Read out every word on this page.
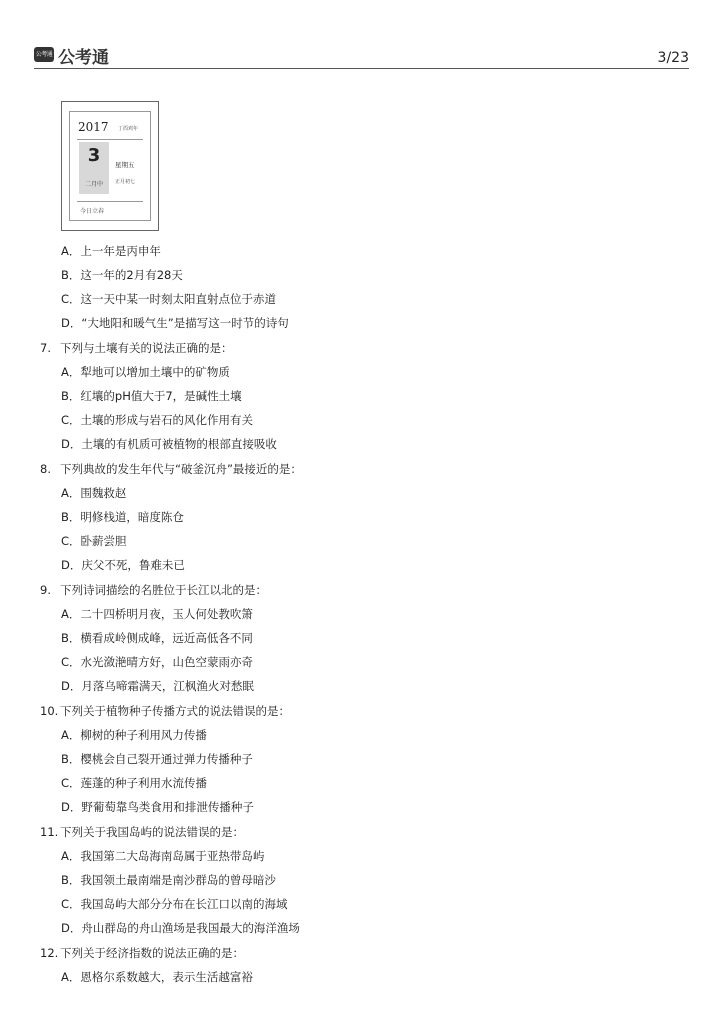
公考通 公考通	3/23
2017 丁酉鸡年
3
二月中
星期五
正月初七
今日立春
A．上一年是丙申年
B．这一年的2月有28天
C．这一天中某一时刻太阳直射点位于赤道
D．“大地阳和暖气生”是描写这一时节的诗句
7. 下列与土壤有关的说法正确的是：
A．犁地可以增加土壤中的矿物质
B．红壤的pH值大于7，是碱性土壤
C．土壤的形成与岩石的风化作用有关
D．土壤的有机质可被植物的根部直接吸收
8. 下列典故的发生年代与“破釜沉舟”最接近的是：
A．围魏救赵
B．明修栈道，暗度陈仓
C．卧薪尝胆
D．庆父不死，鲁难未已
9. 下列诗词描绘的名胜位于长江以北的是：
A．二十四桥明月夜，玉人何处教吹箫
B．横看成岭侧成峰，远近高低各不同
C．水光潋滟晴方好，山色空蒙雨亦奇
D．月落乌啼霜满天，江枫渔火对愁眠
10. 下列关于植物种子传播方式的说法错误的是：
A．柳树的种子利用风力传播
B．樱桃会自己裂开通过弹力传播种子
C．莲蓬的种子利用水流传播
D．野葡萄靠鸟类食用和排泄传播种子
11. 下列关于我国岛屿的说法错误的是：
A．我国第二大岛海南岛属于亚热带岛屿
B．我国领土最南端是南沙群岛的曾母暗沙
C．我国岛屿大部分分布在长江口以南的海域
D．舟山群岛的舟山渔场是我国最大的海洋渔场
12. 下列关于经济指数的说法正确的是：
A．恩格尔系数越大，表示生活越富裕
